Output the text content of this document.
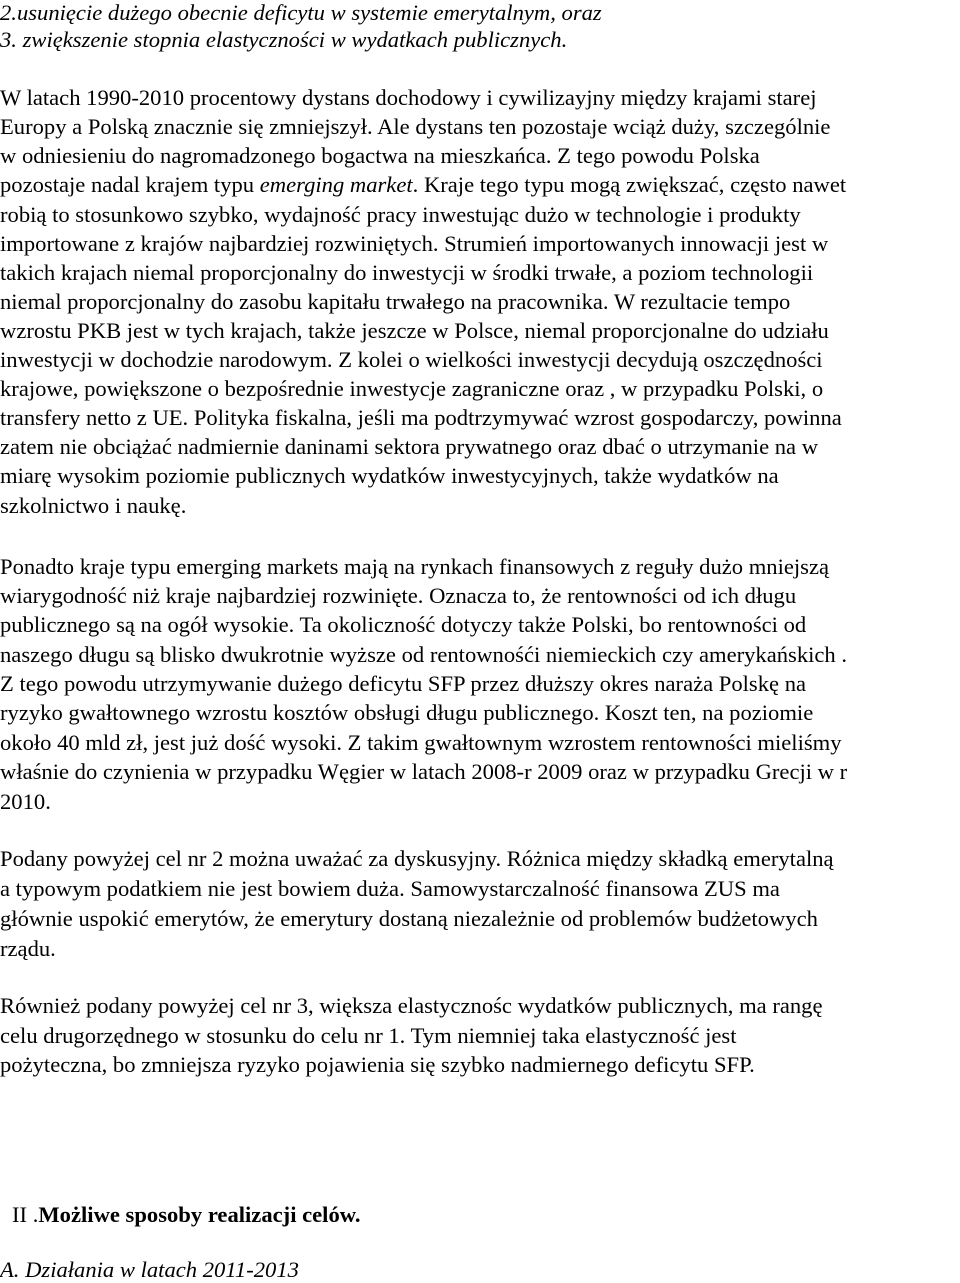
2.usunięcie dużego obecnie deficytu w systemie emerytalnym, oraz
3. zwiększenie stopnia elastyczności w wydatkach publicznych.
W latach 1990-2010 procentowy dystans dochodowy i cywilizayjny między krajami starej
Europy a Polską znacznie się zmniejszył. Ale dystans ten pozostaje wciąż duży, szczególnie
w odniesieniu do nagromadzonego bogactwa na mieszkańca. Z tego powodu Polska
pozostaje nadal krajem typu emerging market. Kraje tego typu mogą zwiększać, często nawet
robią to stosunkowo szybko, wydajność pracy inwestując dużo w technologie i produkty
importowane z krajów najbardziej rozwiniętych. Strumień importowanych innowacji jest w
takich krajach niemal proporcjonalny do inwestycji w środki trwałe, a poziom technologii
niemal proporcjonalny do zasobu kapitału trwałego na pracownika. W rezultacie tempo
wzrostu PKB jest w tych krajach, także jeszcze w Polsce, niemal proporcjonalne do udziału
inwestycji w dochodzie narodowym. Z kolei o wielkości inwestycji decydują oszczędności
krajowe, powiększone o bezpośrednie inwestycje zagraniczne oraz , w przypadku Polski, o
transfery netto z UE. Polityka fiskalna, jeśli ma podtrzymywać wzrost gospodarczy, powinna
zatem nie obciążać nadmiernie daninami sektora prywatnego oraz dbać o utrzymanie na w
miarę wysokim poziomie publicznych wydatków inwestycyjnych, także wydatków na
szkolnictwo i naukę.
Ponadto kraje typu emerging markets mają na rynkach finansowych z reguły dużo mniejszą
wiarygodność niż kraje najbardziej rozwinięte. Oznacza to, że rentowności od ich długu
publicznego są na ogół wysokie. Ta okoliczność dotyczy także Polski, bo rentowności od
naszego długu są blisko dwukrotnie wyższe od rentownośći niemieckich czy amerykańskich .
Z tego powodu utrzymywanie dużego deficytu SFP przez dłuższy okres naraża Polskę na
ryzyko gwałtownego wzrostu kosztów obsługi długu publicznego. Koszt ten, na poziomie
około 40 mld zł, jest już dość wysoki. Z takim gwałtownym wzrostem rentowności mieliśmy
właśnie do czynienia w przypadku Węgier w latach 2008-r 2009 oraz w przypadku Grecji w r
2010.
Podany powyżej cel nr 2 można uważać za dyskusyjny. Różnica między składką emerytalną
a typowym podatkiem nie jest bowiem duża. Samowystarczalność finansowa ZUS ma
głównie uspokić emerytów, że emerytury dostaną niezależnie od problemów budżetowych
rządu.
Również podany powyżej cel nr 3, większa elastycznośc wydatków publicznych, ma rangę
celu drugorzędnego w stosunku do celu nr 1. Tym niemniej taka elastyczność jest
pożyteczna, bo zmniejsza ryzyko pojawienia się szybko nadmiernego deficytu SFP.
II .Możliwe sposoby realizacji celów.
A. Działania w latach 2011-2013
